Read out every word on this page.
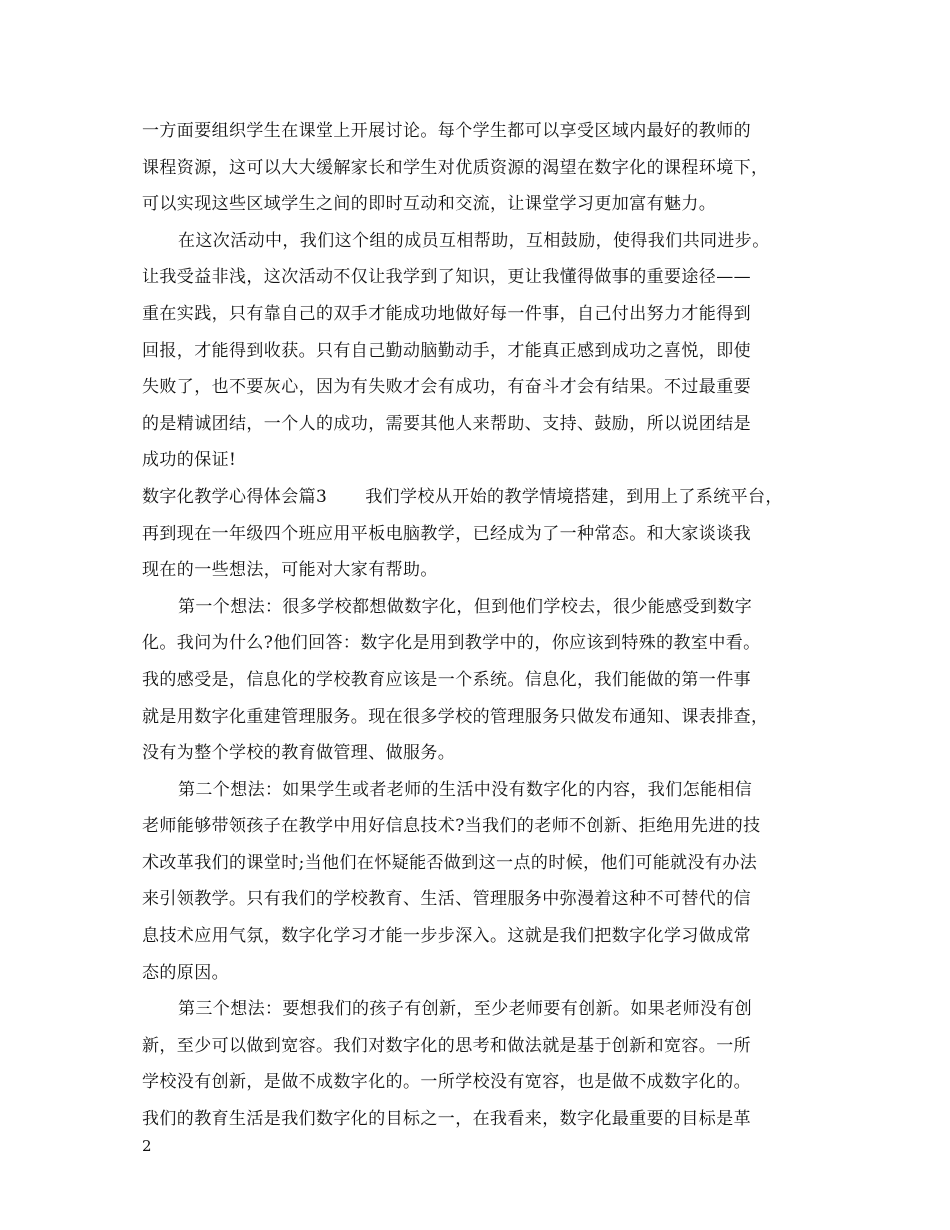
一方面要组织学生在课堂上开展讨论。每个学生都可以享受区域内最好的教师的
课程资源，这可以大大缓解家长和学生对优质资源的渴望在数字化的课程环境下，
可以实现这些区域学生之间的即时互动和交流，让课堂学习更加富有魅力。
在这次活动中，我们这个组的成员互相帮助，互相鼓励，使得我们共同进步。
让我受益非浅，这次活动不仅让我学到了知识，更让我懂得做事的重要途径——
重在实践，只有靠自己的双手才能成功地做好每一件事，自己付出努力才能得到
回报，才能得到收获。只有自己勤动脑勤动手，才能真正感到成功之喜悦，即使
失败了，也不要灰心，因为有失败才会有成功，有奋斗才会有结果。不过最重要
的是精诚团结，一个人的成功，需要其他人来帮助、支持、鼓励，所以说团结是
成功的保证!
数字化教学心得体会篇3 我们学校从开始的教学情境搭建，到用上了系统平台，
再到现在一年级四个班应用平板电脑教学，已经成为了一种常态。和大家谈谈我
现在的一些想法，可能对大家有帮助。
第一个想法：很多学校都想做数字化，但到他们学校去，很少能感受到数字
化。我问为什么?他们回答：数字化是用到教学中的，你应该到特殊的教室中看。
我的感受是，信息化的学校教育应该是一个系统。信息化，我们能做的第一件事
就是用数字化重建管理服务。现在很多学校的管理服务只做发布通知、课表排查，
没有为整个学校的教育做管理、做服务。
第二个想法：如果学生或者老师的生活中没有数字化的内容，我们怎能相信
老师能够带领孩子在教学中用好信息技术?当我们的老师不创新、拒绝用先进的技
术改革我们的课堂时;当他们在怀疑能否做到这一点的时候，他们可能就没有办法
来引领教学。只有我们的学校教育、生活、管理服务中弥漫着这种不可替代的信
息技术应用气氛，数字化学习才能一步步深入。这就是我们把数字化学习做成常
态的原因。
第三个想法：要想我们的孩子有创新，至少老师要有创新。如果老师没有创
新，至少可以做到宽容。我们对数字化的思考和做法就是基于创新和宽容。一所
学校没有创新，是做不成数字化的。一所学校没有宽容，也是做不成数字化的。
我们的教育生活是我们数字化的目标之一，在我看来，数字化最重要的目标是革
2
